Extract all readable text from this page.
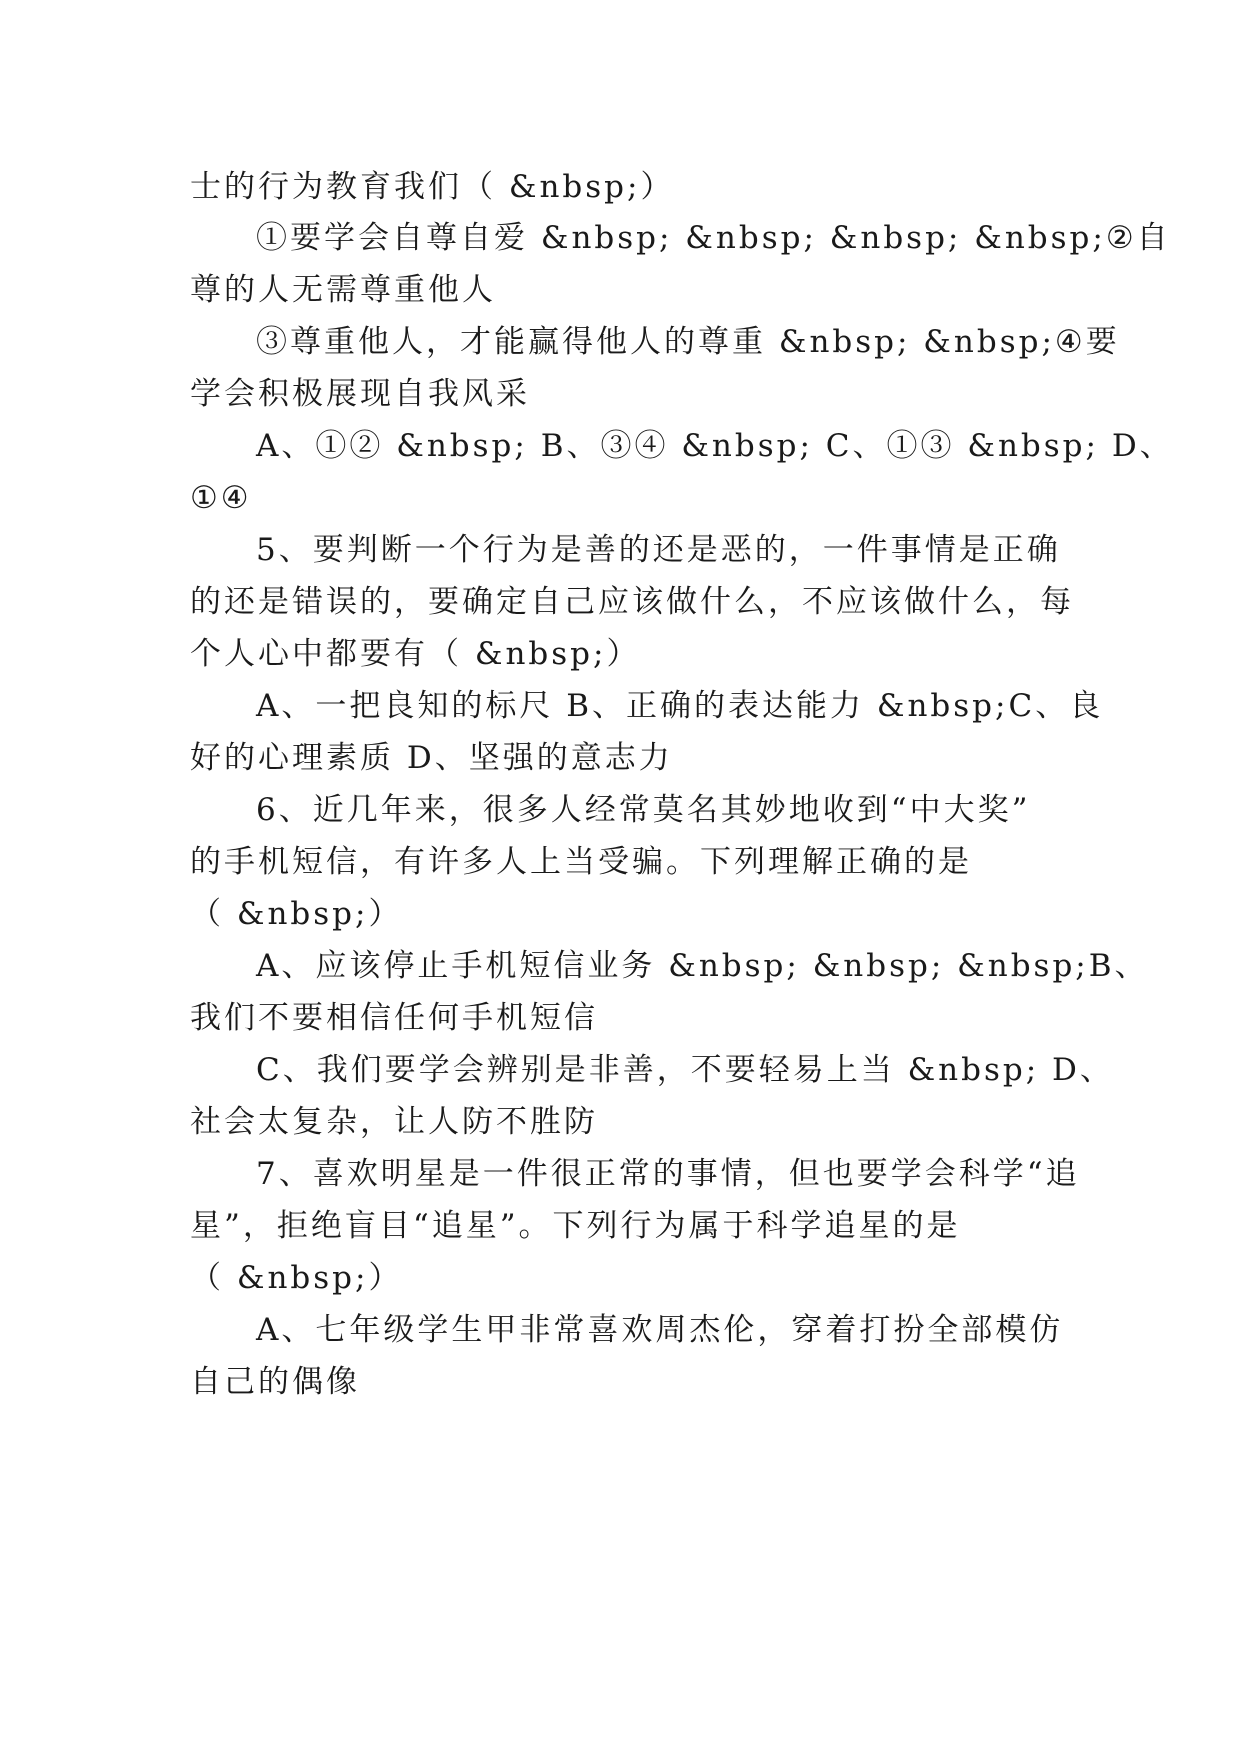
士的行为教育我们（ &nbsp;）
①要学会自尊自爱 &nbsp; &nbsp; &nbsp; &nbsp;②自
尊的人无需尊重他人
③尊重他人，才能赢得他人的尊重 &nbsp; &nbsp;④要
学会积极展现自我风采
A、①② &nbsp; B、③④ &nbsp; C、①③ &nbsp; D、
①④
5、要判断一个行为是善的还是恶的，一件事情是正确
的还是错误的，要确定自己应该做什么，不应该做什么，每
个人心中都要有（ &nbsp;）
A、一把良知的标尺 B、正确的表达能力 &nbsp;C、良
好的心理素质 D、坚强的意志力
6、近几年来，很多人经常莫名其妙地收到“中大奖”
的手机短信，有许多人上当受骗。下列理解正确的是
（ &nbsp;）
A、应该停止手机短信业务 &nbsp; &nbsp; &nbsp;B、
我们不要相信任何手机短信
C、我们要学会辨别是非善，不要轻易上当 &nbsp; D、
社会太复杂，让人防不胜防
7、喜欢明星是一件很正常的事情，但也要学会科学“追
星”，拒绝盲目“追星”。下列行为属于科学追星的是
（ &nbsp;）
A、七年级学生甲非常喜欢周杰伦，穿着打扮全部模仿
自己的偶像
